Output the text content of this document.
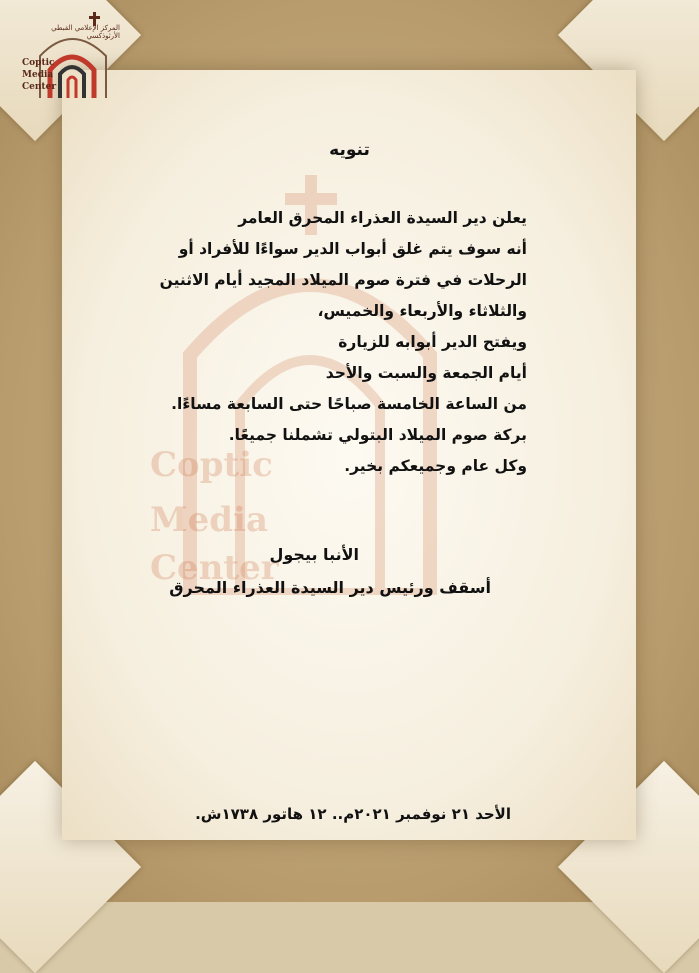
Coptic
Media
Center
المركز الإعلامي القبطي الأرثوذكسي
Coptic
Media
Center
تنويه
يعلن دير السيدة العذراء المحرق العامر
أنه سوف يتم غلق أبواب الدير سواءًا للأفراد أو
الرحلات في فترة صوم الميلاد المجيد أيام الاثنين
والثلاثاء والأربعاء والخميس،
ويفتح الدير أبوابه للزيارة
أيام الجمعة والسبت والأحد
من الساعة الخامسة صباحًا حتى السابعة مساءًا.
بركة صوم الميلاد البتولي تشملنا جميعًا.
وكل عام وجميعكم بخير.
الأنبا بيجول
أسقف ورئيس دير السيدة العذراء المحرق
الأحد ٢١ نوفمبر ٢٠٢١م.. ١٢ هاتور ١٧٣٨ش.
